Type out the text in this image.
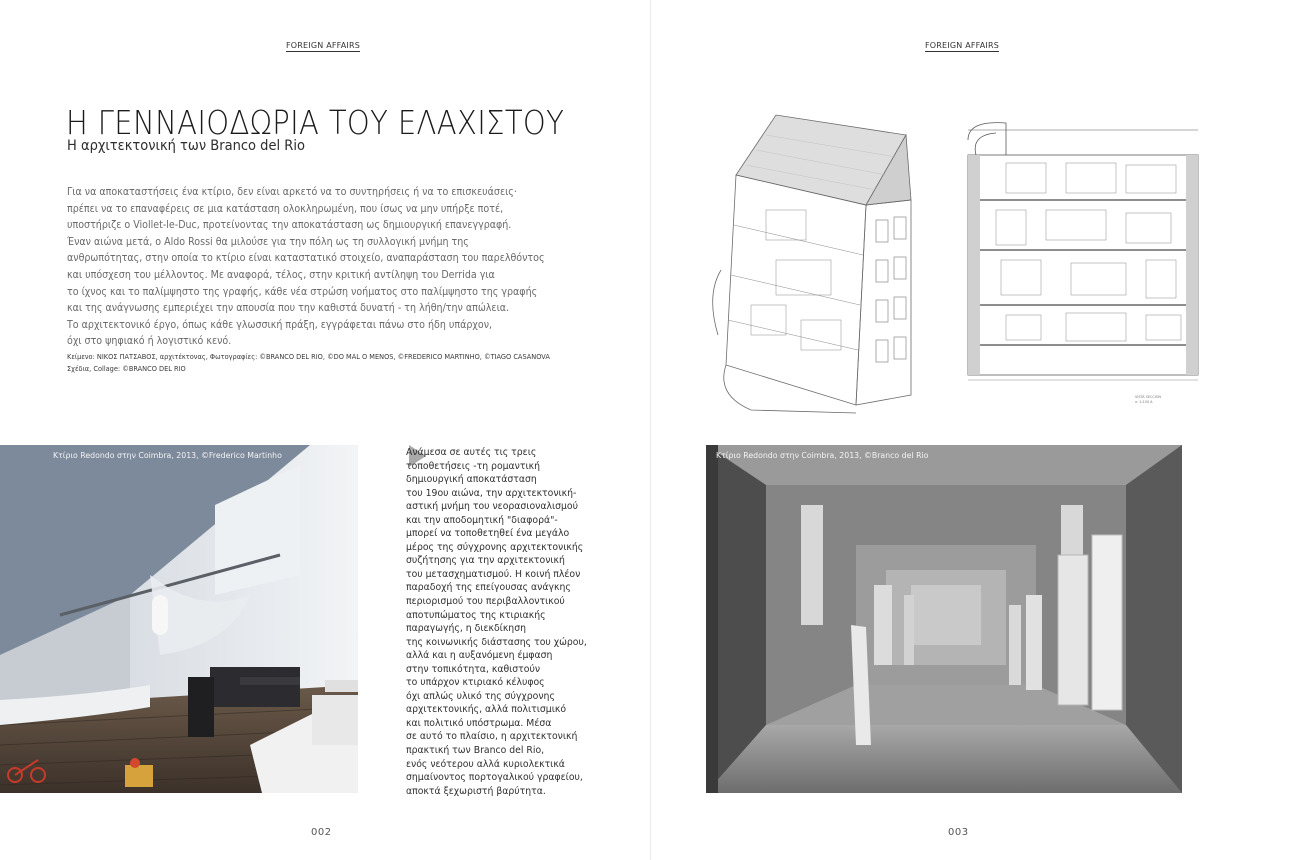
FOREIGN AFFAIRS
Η ΓΕΝΝΑΙΟΔΩΡΙΑ ΤΟΥ ΕΛΑΧΙΣΤΟΥ
Η αρχιτεκτονική των Branco del Rio
Για να αποκαταστήσεις ένα κτίριο, δεν είναι αρκετό να το συντηρήσεις ή να το επισκευάσεις·
πρέπει να το επαναφέρεις σε μια κατάσταση ολοκληρωμένη, που ίσως να μην υπήρξε ποτέ,
υποστήριζε ο Viollet-le-Duc, προτείνοντας την αποκατάσταση ως δημιουργική επανεγγραφή.
Έναν αιώνα μετά, ο Aldo Rossi θα μιλούσε για την πόλη ως τη συλλογική μνήμη της
ανθρωπότητας, στην οποία το κτίριο είναι καταστατικό στοιχείο, αναπαράσταση του παρελθόντος
και υπόσχεση του μέλλοντος. Με αναφορά, τέλος, στην κριτική αντίληψη του Derrida για
το ίχνος και το παλίμψηστο της γραφής, κάθε νέα στρώση νοήματος στο παλίμψηστο της γραφής
και της ανάγνωσης εμπεριέχει την απουσία που την καθιστά δυνατή - τη λήθη/την απώλεια.
Το αρχιτεκτονικό έργο, όπως κάθε γλωσσική πράξη, εγγράφεται πάνω στο ήδη υπάρχον,
όχι στο ψηφιακό ή λογιστικό κενό.
Κείμενο: ΝΙΚΟΣ ΠΑΤΣΑΒΟΣ, αρχιτέκτονας, Φωτογραφίες: ©BRANCO DEL RIO, ©DO MAL O MENOS, ©FREDERICO MARTINHO, ©TIAGO CASANOVA
Σχέδια, Collage: ©BRANCO DEL RIO
Κτίριο Redondo στην Coimbra, 2013, ©Frederico Martinho	Ανάμεσα σε αυτές τις τρεις
τοποθετήσεις -τη ρομαντική
δημιουργική αποκατάσταση
του 19ου αιώνα, την αρχιτεκτονική-
αστική μνήμη του νεορασιοναλισμού
και την αποδομητική "διαφορά"-
μπορεί να τοποθετηθεί ένα μεγάλο
μέρος της σύγχρονης αρχιτεκτονικής
συζήτησης για την αρχιτεκτονική
του μετασχηματισμού. Η κοινή πλέον
παραδοχή της επείγουσας ανάγκης
περιορισμού του περιβαλλοντικού
αποτυπώματος της κτιριακής
παραγωγής, η διεκδίκηση
της κοινωνικής διάστασης του χώρου,
αλλά και η αυξανόμενη έμφαση
στην τοπικότητα, καθιστούν
το υπάρχον κτιριακό κέλυφος
όχι απλώς υλικό της σύγχρονης
αρχιτεκτονικής, αλλά πολιτισμικό
και πολιτικό υπόστρωμα. Μέσα
σε αυτό το πλαίσιο, η αρχιτεκτονική
πρακτική των Branco del Rio,
ενός νεότερου αλλά κυριολεκτικά
σημαίνοντος πορτογαλικού γραφείου,
αποκτά ξεχωριστή βαρύτητα.
002
FOREIGN AFFAIRS
VISTA SECCIÓN
x: 1:100 A
Κτίριο Redondo στην Coimbra, 2013, ©Branco del Rio
003
